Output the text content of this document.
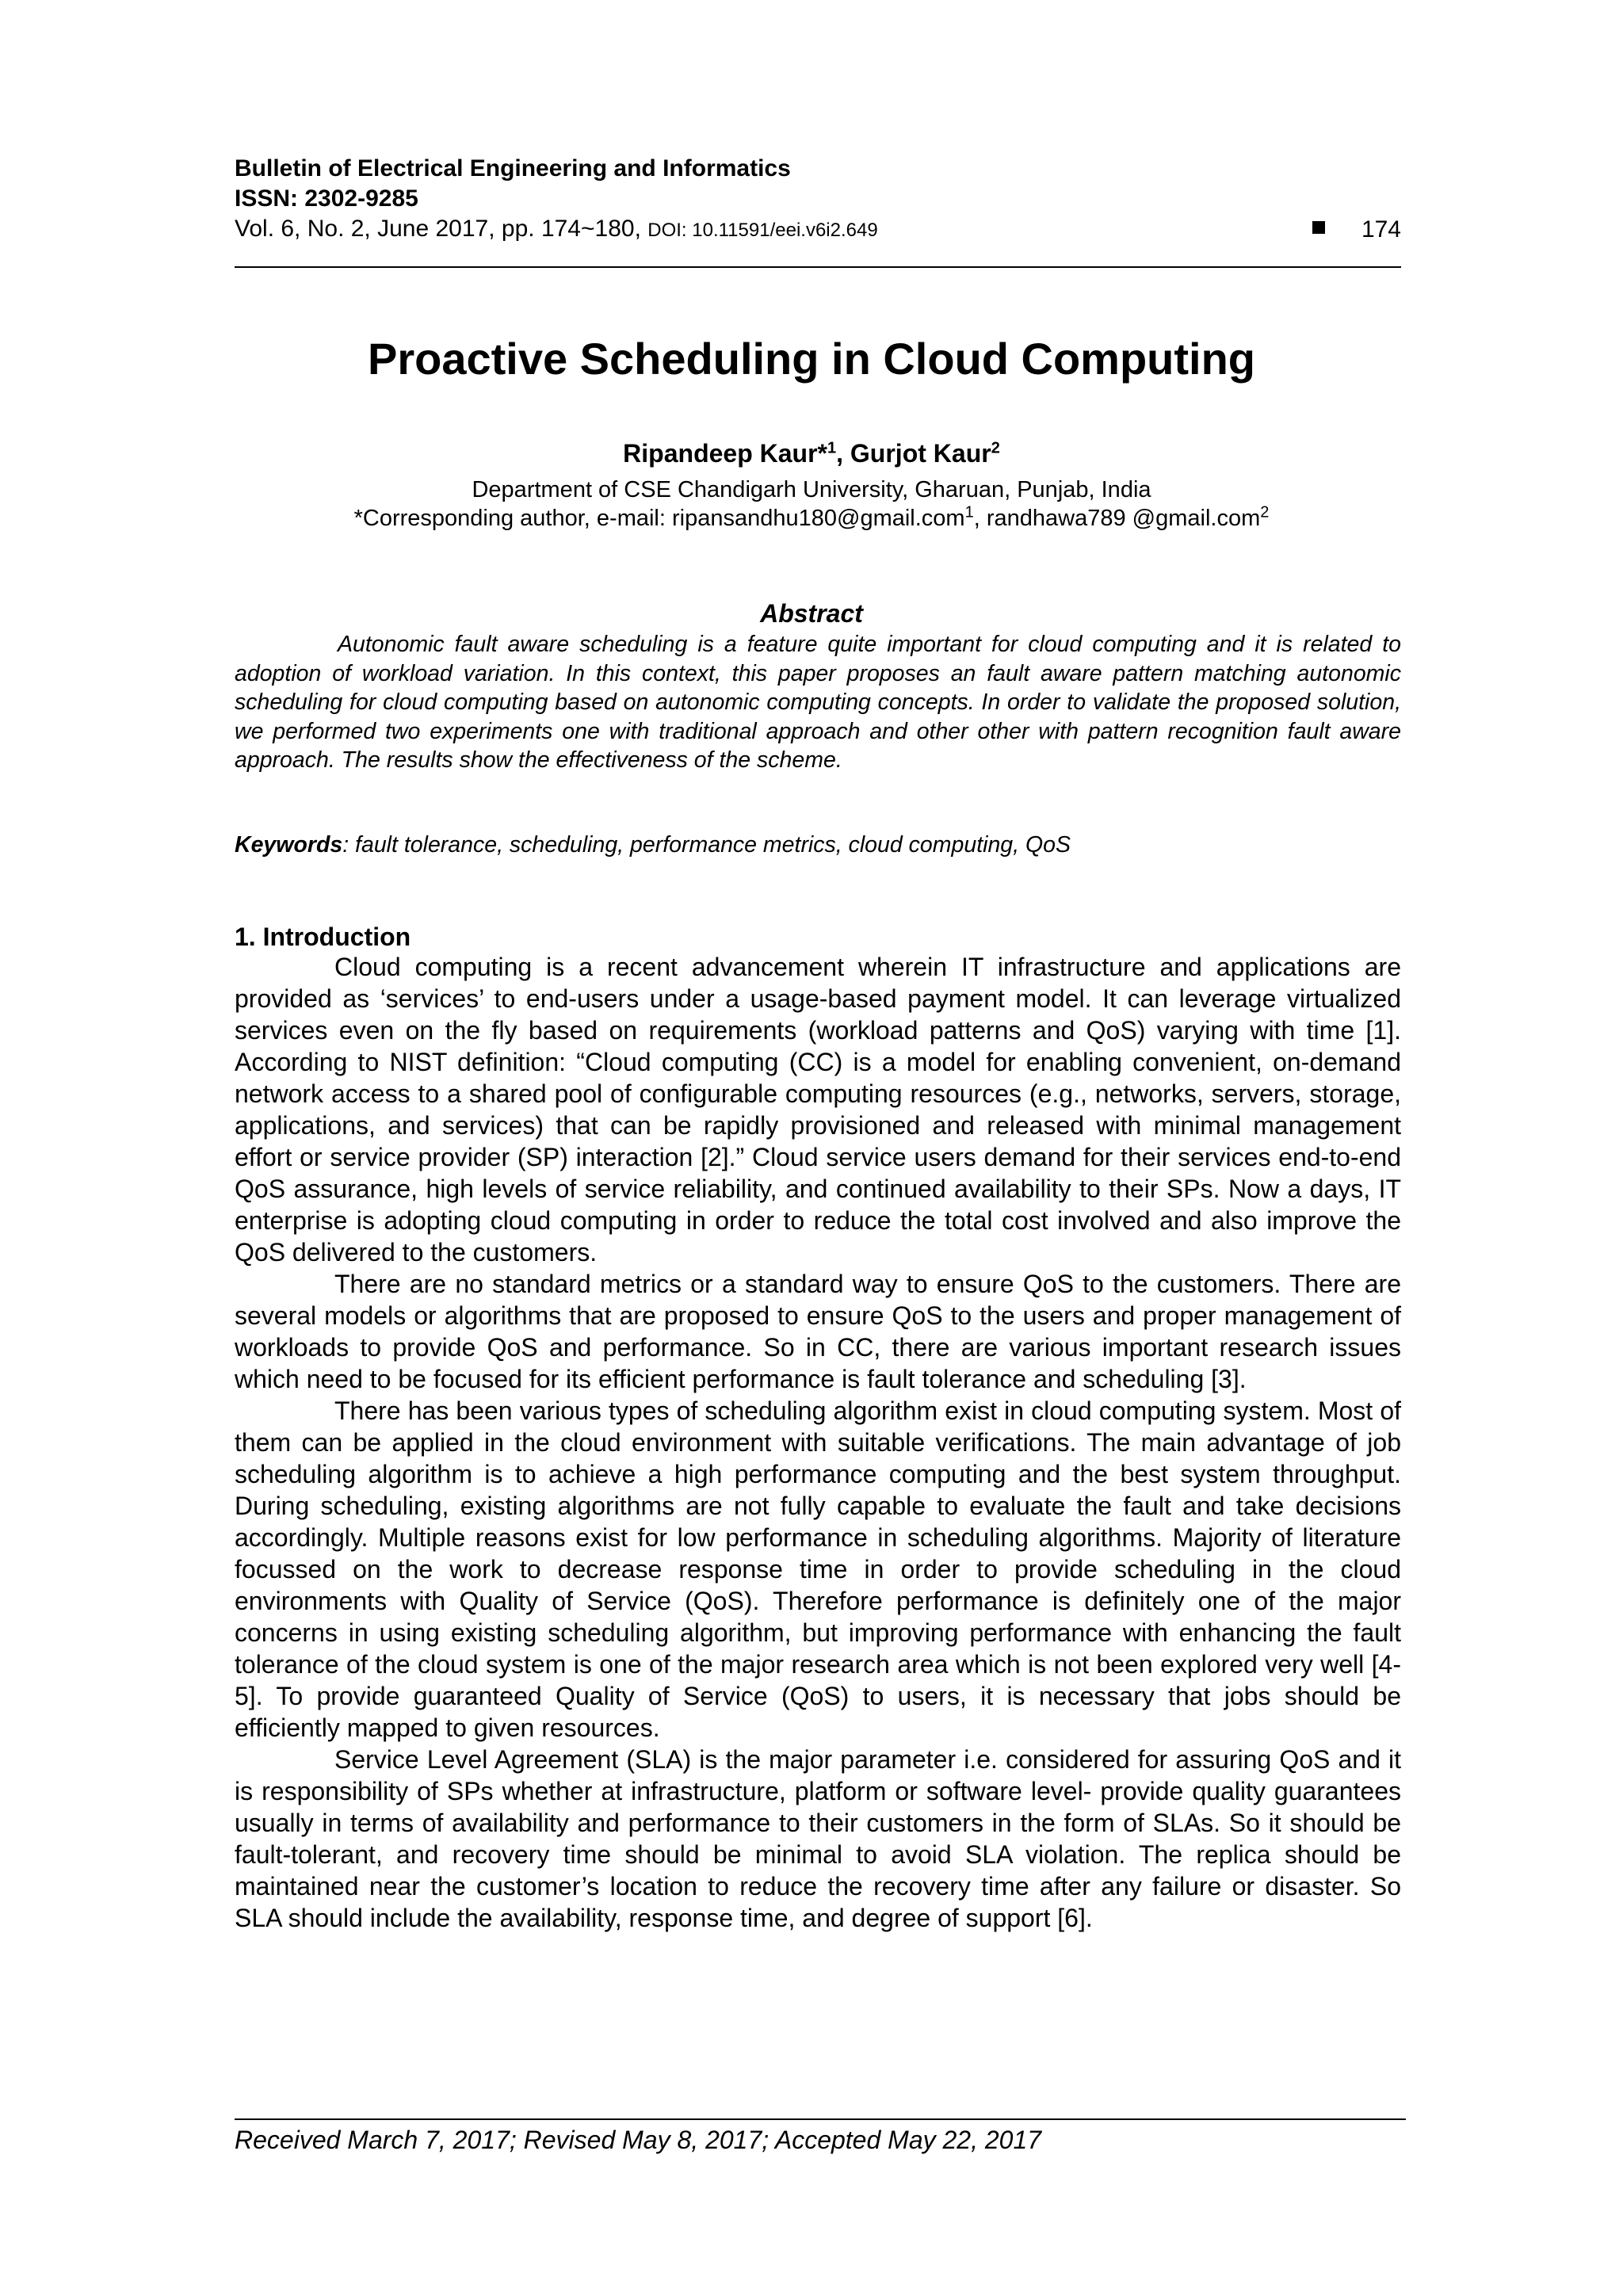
Bulletin of Electrical Engineering and Informatics
ISSN: 2302-9285
Vol. 6, No. 2, June 2017, pp. 174~180, DOI: 10.11591/eei.v6i2.649	174
Proactive Scheduling in Cloud Computing
Ripandeep Kaur*$^1$, Gurjot Kaur$^2$
Department of CSE Chandigarh University, Gharuan, Punjab, India
*Corresponding author, e-mail: ripansandhu180@gmail.com$^1$, randhawa789 @gmail.com$^2$
Abstract

Autonomic fault aware scheduling is a feature quite important for cloud computing and it is related to adoption of workload variation. In this context, this paper proposes an fault aware pattern matching autonomic scheduling for cloud computing based on autonomic computing concepts. In order to validate the proposed solution, we performed two experiments one with traditional approach and other other with pattern recognition fault aware approach. The results show the effectiveness of the scheme.

Keywords: fault tolerance, scheduling, performance metrics, cloud computing, QoS
1. Introduction

Cloud computing is a recent advancement wherein IT infrastructure and applications are provided as ‘services’ to end-users under a usage-based payment model. It can leverage virtualized services even on the fly based on requirements (workload patterns and QoS) varying with time [1]. According to NIST definition: “Cloud computing (CC) is a model for enabling convenient, on-demand network access to a shared pool of configurable computing resources (e.g., networks, servers, storage, applications, and services) that can be rapidly provisioned and released with minimal management effort or service provider (SP) interaction [2].” Cloud service users demand for their services end-to-end QoS assurance, high levels of service reliability, and continued availability to their SPs. Now a days, IT enterprise is adopting cloud computing in order to reduce the total cost involved and also improve the QoS delivered to the customers.

There are no standard metrics or a standard way to ensure QoS to the customers. There are several models or algorithms that are proposed to ensure QoS to the users and proper management of workloads to provide QoS and performance. So in CC, there are various important research issues which need to be focused for its efficient performance is fault tolerance and scheduling [3].

There has been various types of scheduling algorithm exist in cloud computing system. Most of them can be applied in the cloud environment with suitable verifications. The main advantage of job scheduling algorithm is to achieve a high performance computing and the best system throughput. During scheduling, existing algorithms are not fully capable to evaluate the fault and take decisions accordingly. Multiple reasons exist for low performance in scheduling algorithms. Majority of literature focussed on the work to decrease response time in order to provide scheduling in the cloud environments with Quality of Service (QoS). Therefore performance is definitely one of the major concerns in using existing scheduling algorithm, but improving performance with enhancing the fault tolerance of the cloud system is one of the major research area which is not been explored very well [4-5]. To provide guaranteed Quality of Service (QoS) to users, it is necessary that jobs should be efficiently mapped to given resources.

Service Level Agreement (SLA) is the major parameter i.e. considered for assuring QoS and it is responsibility of SPs whether at infrastructure, platform or software level- provide quality guarantees usually in terms of availability and performance to their customers in the form of SLAs. So it should be fault-tolerant, and recovery time should be minimal to avoid SLA violation. The replica should be maintained near the customer’s location to reduce the recovery time after any failure or disaster. So SLA should include the availability, response time, and degree of support [6].

Received March 7, 2017; Revised May 8, 2017; Accepted May 22, 2017
